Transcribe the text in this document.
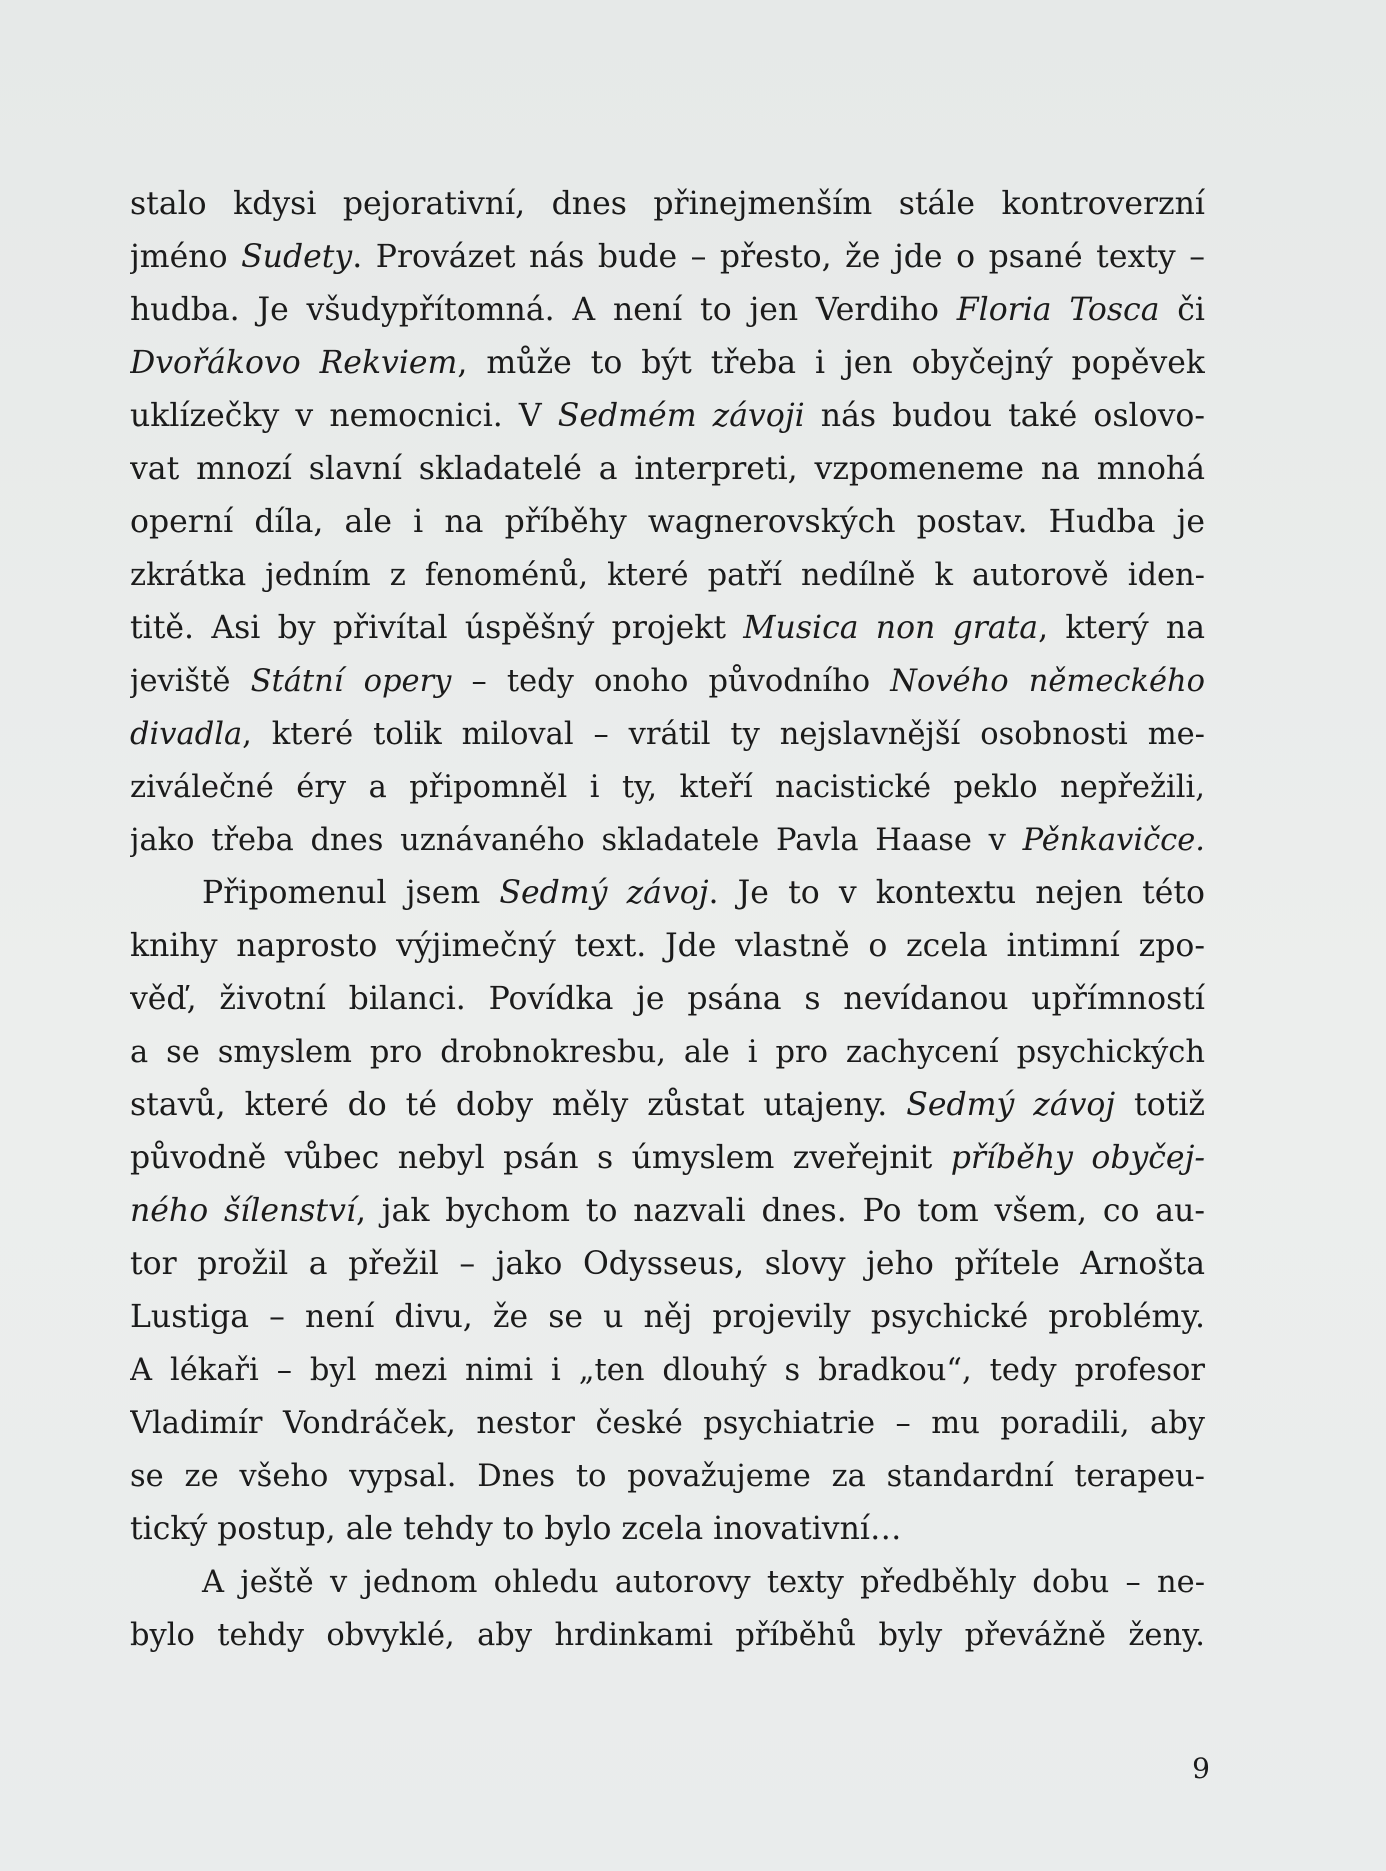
stalo kdysi pejorativní, dnes přinejmenším stále kontroverzní
jméno Sudety. Provázet nás bude – přesto, že jde o psané texty –
hudba. Je všudypřítomná. A není to jen Verdiho Floria Tosca či
Dvořákovo Rekviem, může to být třeba i jen obyčejný popěvek
uklízečky v nemocnici. V Sedmém závoji nás budou také oslovo-
vat mnozí slavní skladatelé a interpreti, vzpomeneme na mnohá
operní díla, ale i na příběhy wagnerovských postav. Hudba je
zkrátka jedním z fenoménů, které patří nedílně k autorově iden-
titě. Asi by přivítal úspěšný projekt Musica non grata, který na
jeviště Státní opery – tedy onoho původního Nového německého
divadla, které tolik miloval – vrátil ty nejslavnější osobnosti me-
ziválečné éry a připomněl i ty, kteří nacistické peklo nepřežili,
jako třeba dnes uznávaného skladatele Pavla Haase v Pěnkavičce.
Připomenul jsem Sedmý závoj. Je to v kontextu nejen této
knihy naprosto výjimečný text. Jde vlastně o zcela intimní zpo-
věď, životní bilanci. Povídka je psána s nevídanou upřímností
a se smyslem pro drobnokresbu, ale i pro zachycení psychických
stavů, které do té doby měly zůstat utajeny. Sedmý závoj totiž
původně vůbec nebyl psán s úmyslem zveřejnit příběhy obyčej-
ného šílenství, jak bychom to nazvali dnes. Po tom všem, co au-
tor prožil a přežil – jako Odysseus, slovy jeho přítele Arnošta
Lustiga – není divu, že se u něj projevily psychické problémy.
A lékaři – byl mezi nimi i „ten dlouhý s bradkou“, tedy profesor
Vladimír Vondráček, nestor české psychiatrie – mu poradili, aby
se ze všeho vypsal. Dnes to považujeme za standardní terapeu-
tický postup, ale tehdy to bylo zcela inovativní…
A ještě v jednom ohledu autorovy texty předběhly dobu – ne-
bylo tehdy obvyklé, aby hrdinkami příběhů byly převážně ženy.
9
